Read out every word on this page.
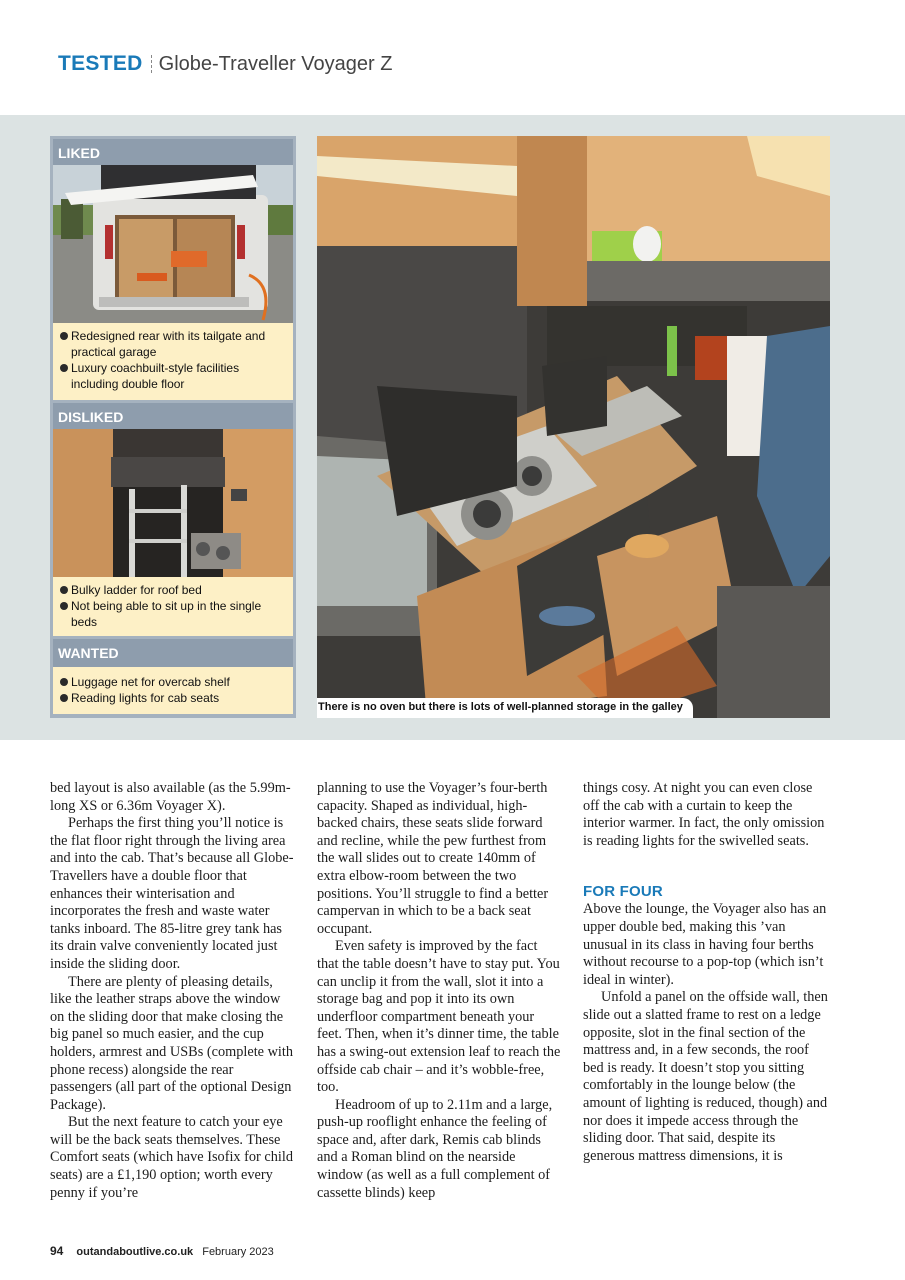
TESTED Globe-Traveller Voyager Z
LIKED
Redesigned rear with its tailgate and practical garage
Luxury coachbuilt-style facilities including double floor
DISLIKED
Bulky ladder for roof bed
Not being able to sit up in the single beds
WANTED
Luggage net for overcab shelf
Reading lights for cab seats
There is no oven but there is lots of well-planned storage in the galley

bed layout is also available (as the 5.99m-long XS or 6.36m Voyager X).

Perhaps the first thing you’ll notice is the flat floor right through the living area and into the cab. That’s because all Globe-Travellers have a double floor that enhances their winterisation and incorporates the fresh and waste water tanks inboard. The 85-litre grey tank has its drain valve conveniently located just inside the sliding door.

There are plenty of pleasing details, like the leather straps above the window on the sliding door that make closing the big panel so much easier, and the cup holders, armrest and USBs (complete with phone recess) alongside the rear passengers (all part of the optional Design Package).

But the next feature to catch your eye will be the back seats themselves. These Comfort seats (which have Isofix for child seats) are a £1,190 option; worth every penny if you’re

planning to use the Voyager’s four-berth capacity. Shaped as individual, high-backed chairs, these seats slide forward and recline, while the pew furthest from the wall slides out to create 140mm of extra elbow-room between the two positions. You’ll struggle to find a better campervan in which to be a back seat occupant.

Even safety is improved by the fact that the table doesn’t have to stay put. You can unclip it from the wall, slot it into a storage bag and pop it into its own underfloor compartment beneath your feet. Then, when it’s dinner time, the table has a swing-out extension leaf to reach the offside cab chair – and it’s wobble-free, too.

Headroom of up to 2.11m and a large, push-up rooflight enhance the feeling of space and, after dark, Remis cab blinds and a Roman blind on the nearside window (as well as a full complement of cassette blinds) keep

things cosy. At night you can even close off the cab with a curtain to keep the interior warmer. In fact, the only omission is reading lights for the swivelled seats.

FOR FOUR

Above the lounge, the Voyager also has an upper double bed, making this ’van unusual in its class in having four berths without recourse to a pop-top (which isn’t ideal in winter).

Unfold a panel on the offside wall, then slide out a slatted frame to rest on a ledge opposite, slot in the final section of the mattress and, in a few seconds, the roof bed is ready. It doesn’t stop you sitting comfortably in the lounge below (the amount of lighting is reduced, though) and nor does it impede access through the sliding door. That said, despite its generous mattress dimensions, it is

94 outandaboutlive.co.uk February 2023
